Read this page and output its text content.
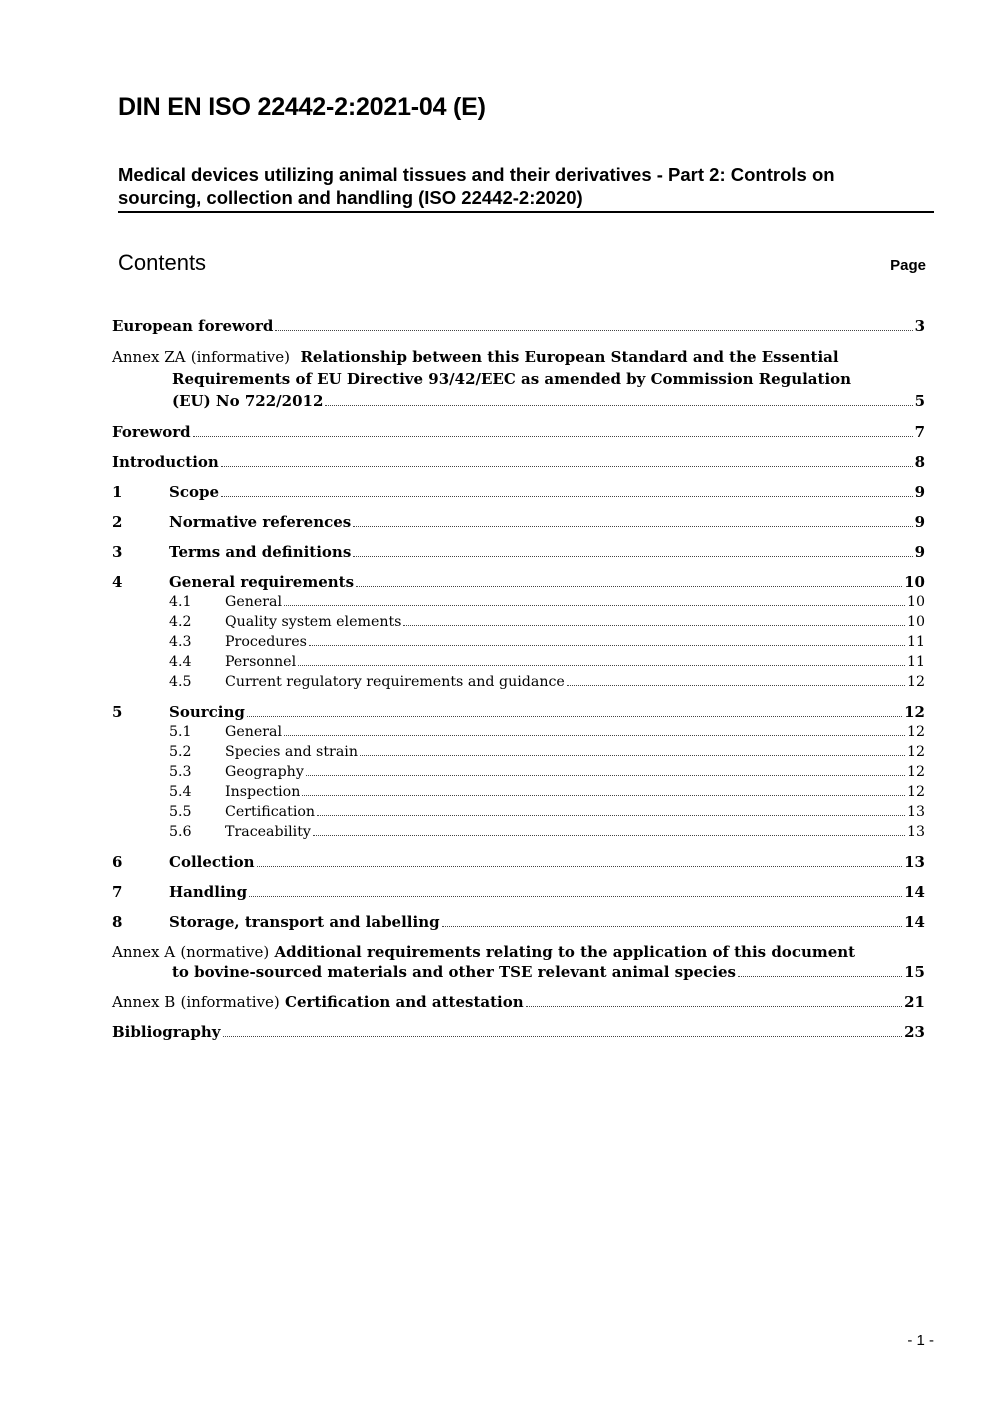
DIN EN ISO 22442-2:2021-04 (E)
Medical devices utilizing animal tissues and their derivatives - Part 2: Controls on
sourcing, collection and handling (ISO 22442-2:2020)
Contents	Page
European foreword	3
Annex ZA (informative) Relationship between this European Standard and the Essential
Requirements of EU Directive 93/42/EEC as amended by Commission Regulation
(EU) No 722/2012	5
Foreword	7
Introduction	8
1	Scope	9
2	Normative references	9
3	Terms and definitions	9
4	General requirements	10
4.1	General	10
4.2	Quality system elements	10
4.3	Procedures	11
4.4	Personnel	11
4.5	Current regulatory requirements and guidance	12
5	Sourcing	12
5.1	General	12
5.2	Species and strain	12
5.3	Geography	12
5.4	Inspection	12
5.5	Certification	13
5.6	Traceability	13
6	Collection	13
7	Handling	14
8	Storage, transport and labelling	14
Annex A (normative) Additional requirements relating to the application of this document
to bovine-sourced materials and other TSE relevant animal species	15
Annex B (informative) Certification and attestation	21
Bibliography	23
- 1 -
